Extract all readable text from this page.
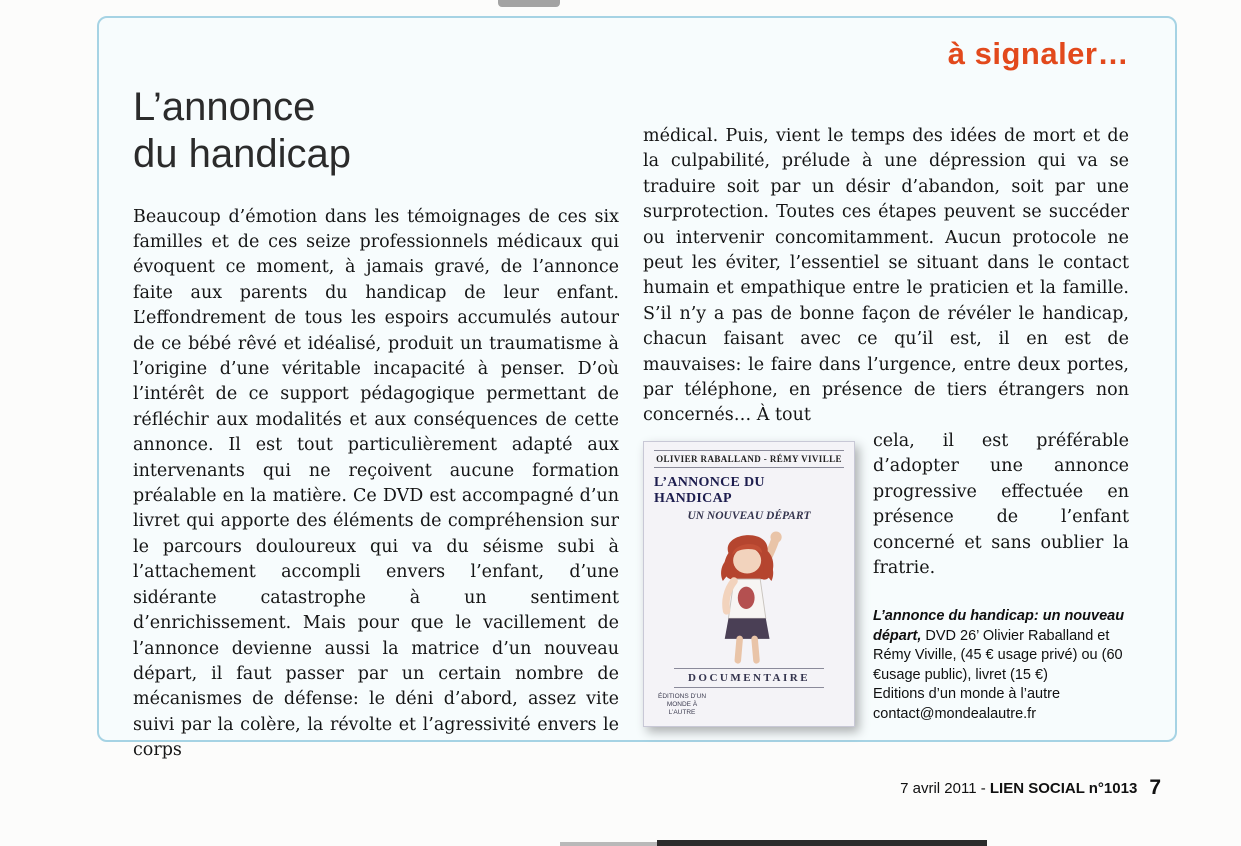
à signaler…
L’annonce
du handicap

Beaucoup d’émotion dans les témoignages de ces six familles et de ces seize professionnels médicaux qui évoquent ce moment, à jamais gravé, de l’annonce faite aux parents du handicap de leur enfant. L’effondrement de tous les espoirs accumulés autour de ce bébé rêvé et idéalisé, produit un traumatisme à l’origine d’une véritable incapacité à penser. D’où l’intérêt de ce support pédagogique permettant de réfléchir aux modalités et aux conséquences de cette annonce. Il est tout particulièrement adapté aux intervenants qui ne reçoivent aucune formation préalable en la matière. Ce DVD est accompagné d’un livret qui apporte des éléments de compréhension sur le parcours douloureux qui va du séisme subi à l’attachement accompli envers l’enfant, d’une sidérante catastrophe à un sentiment d’enrichissement. Mais pour que le vacillement de l’annonce devienne aussi la matrice d’un nouveau départ, il faut passer par un certain nombre de mécanismes de défense: le déni d’abord, assez vite suivi par la colère, la révolte et l’agressivité envers le corps

médical. Puis, vient le temps des idées de mort et de la culpabilité, prélude à une dépression qui va se traduire soit par un désir d’abandon, soit par une surprotection. Toutes ces étapes peuvent se succéder ou intervenir concomitamment. Aucun protocole ne peut les éviter, l’essentiel se situant dans le contact humain et empathique entre le praticien et la famille. S’il n’y a pas de bonne façon de révéler le handicap, chacun faisant avec ce qu’il est, il en est de mauvaises: le faire dans l’urgence, entre deux portes, par téléphone, en présence de tiers étrangers non concernés… À tout

OLIVIER RABALLAND - RÉMY VIVILLE
L’ANNONCE DU HANDICAP
UN NOUVEAU DÉPART
DOCUMENTAIRE
ÉDITIONS D’UN MONDE À L’AUTRE

cela, il est préférable d’adopter une annonce progressive effectuée en présence de l’enfant concerné et sans oublier la fratrie.

L’annonce du handicap: un nouveau départ, DVD 26’ Olivier Raballand et Rémy Viville, (45 € usage privé) ou (60 €usage public), livret (15 €)
Editions d’un monde à l’autre
contact@mondealautre.fr

7 avril 2011 - LIEN SOCIAL n°1013 7
